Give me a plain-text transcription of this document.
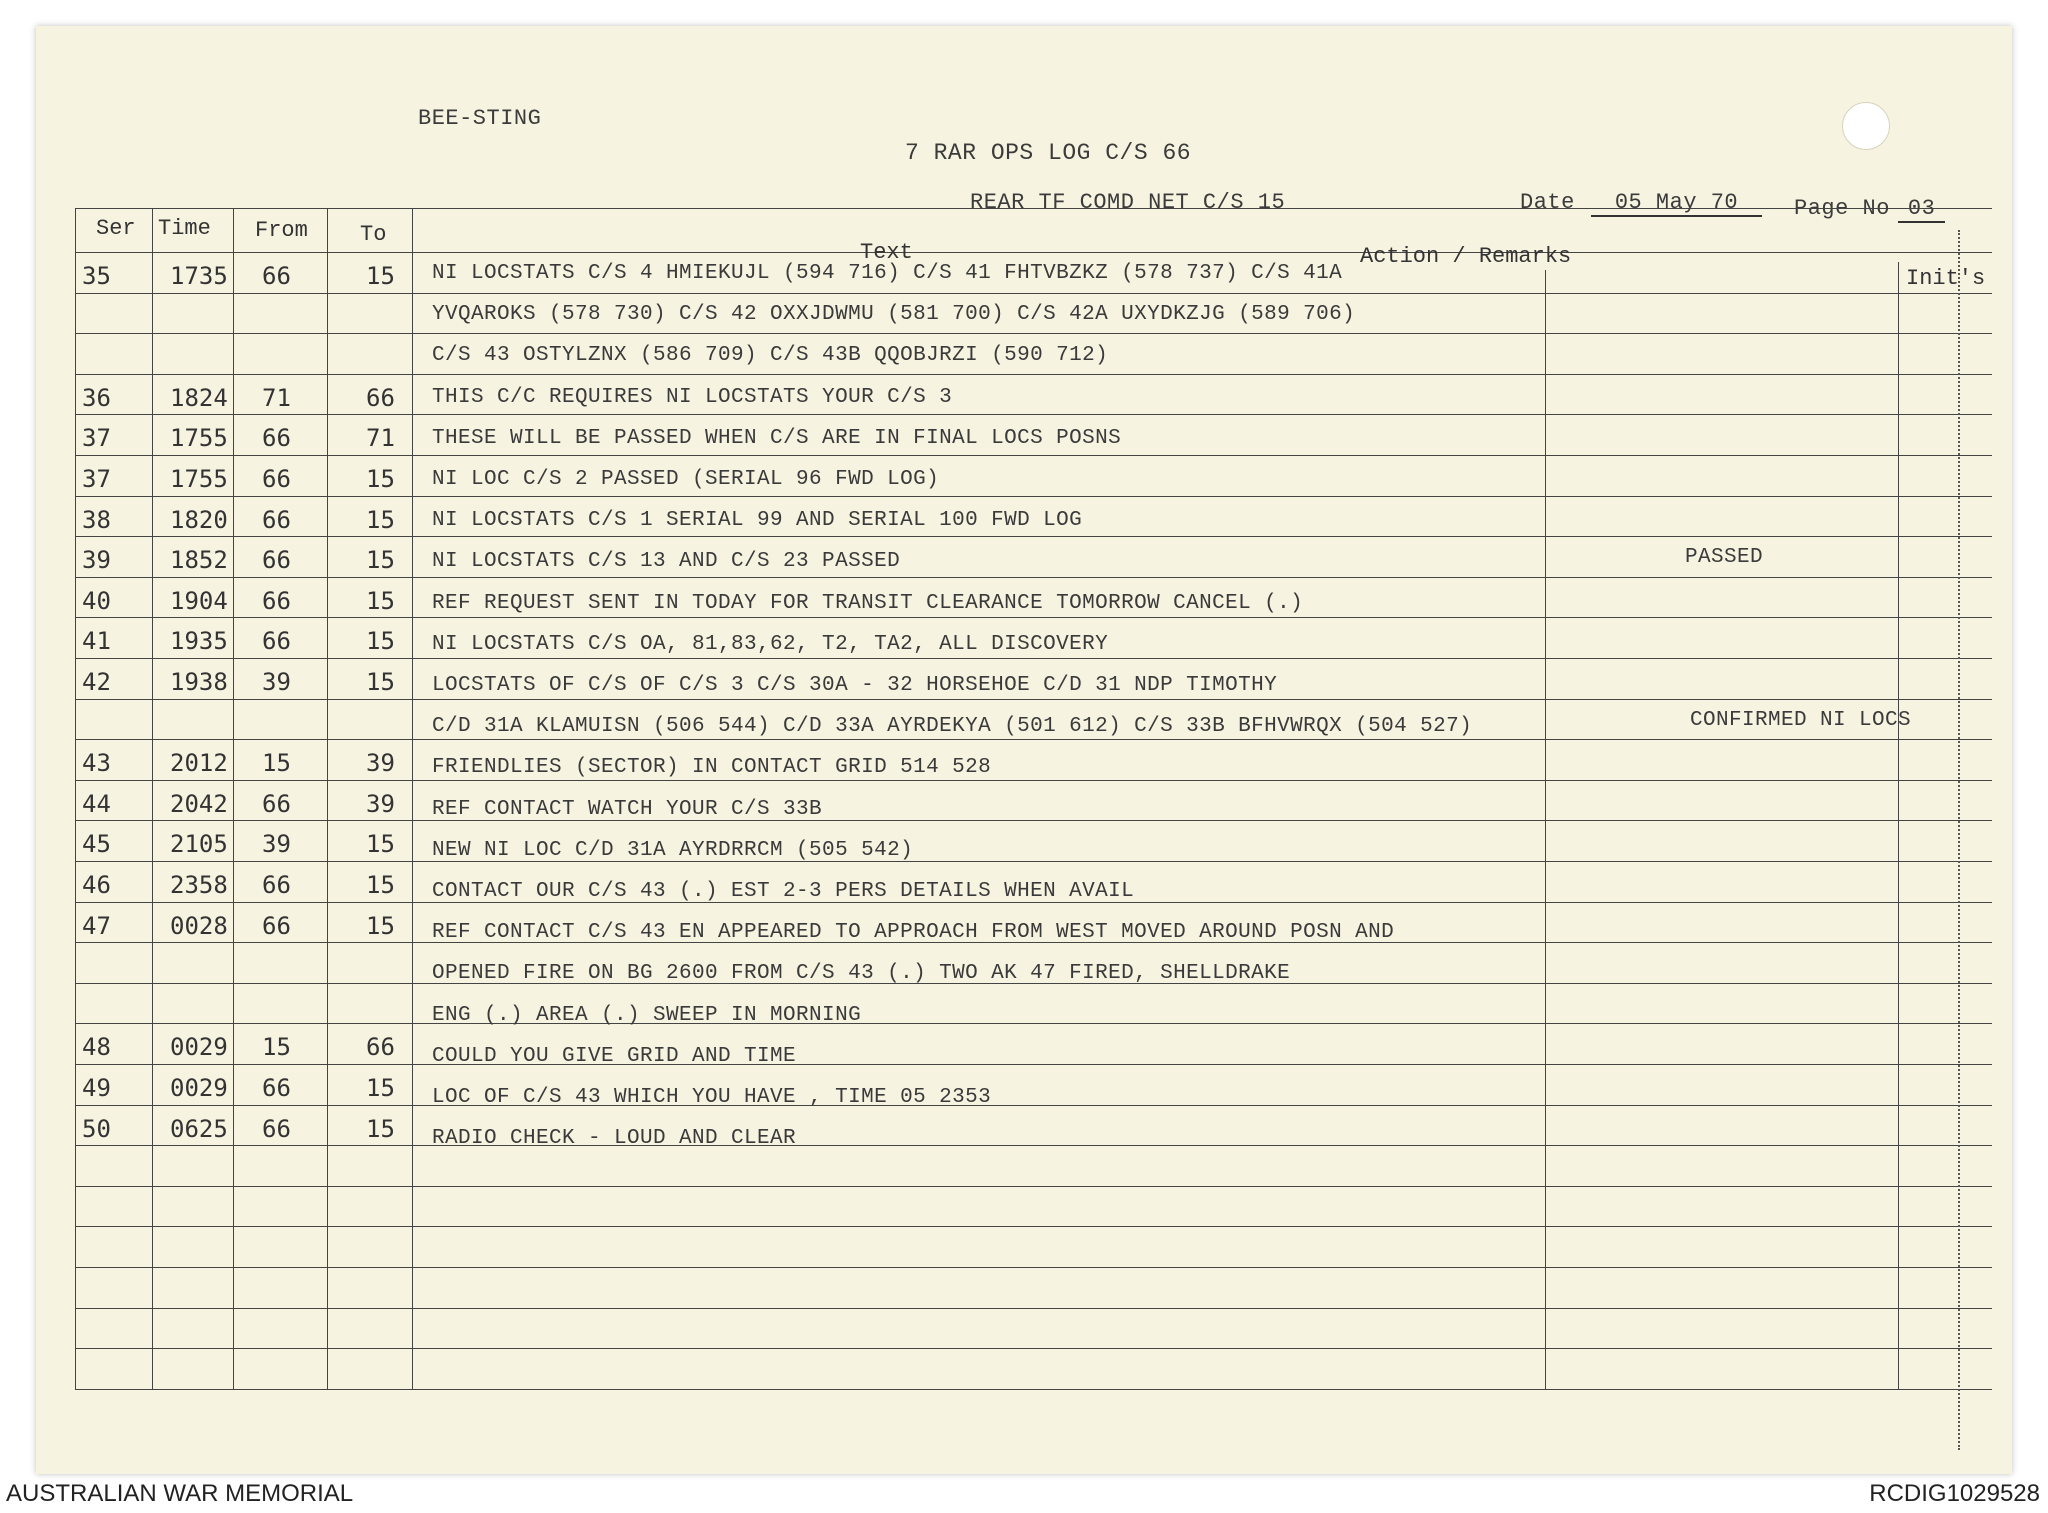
BEE-STING
7 RAR OPS LOG C/S 66
REAR TF COMD NET C/S 15	Date 05 May 70	Page No 03
Ser Time From To
Text	Action / Remarks
Init's
35 1735 66	15 NI LOCSTATS C/S 4 HMIEKUJL (594 716) C/S 41 FHTVBZKZ (578 737) C/S 41A
YVQAROKS (578 730) C/S 42 OXXJDWMU (581 700) C/S 42A UXYDKZJG (589 706)
C/S 43 OSTYLZNX (586 709) C/S 43B QQOBJRZI (590 712)
36 1824 71	66 THIS C/C REQUIRES NI LOCSTATS YOUR C/S 3
37 1755 66	71 THESE WILL BE PASSED WHEN C/S ARE IN FINAL LOCS POSNS
37 1755 66	15 NI LOC C/S 2 PASSED (SERIAL 96 FWD LOG)
38 1820 66	15 NI LOCSTATS C/S 1 SERIAL 99 AND SERIAL 100 FWD LOG
39 1852 66	15 NI LOCSTATS C/S 13 AND C/S 23 PASSED	PASSED
40 1904 66	15 REF REQUEST SENT IN TODAY FOR TRANSIT CLEARANCE TOMORROW CANCEL (.)
41 1935 66	15 NI LOCSTATS C/S OA, 81,83,62, T2, TA2, ALL DISCOVERY
42 1938 39	15 LOCSTATS OF C/S OF C/S 3 C/S 30A - 32 HORSEHOE C/D 31 NDP TIMOTHY
C/D 31A KLAMUISN (506 544) C/D 33A AYRDEKYA (501 612) C/S 33B BFHVWRQX (504 527)	CONFIRMED NI LOCS
43 2012 15	39 FRIENDLIES (SECTOR) IN CONTACT GRID 514 528
44 2042 66	39 REF CONTACT WATCH YOUR C/S 33B
45 2105 39	15 NEW NI LOC C/D 31A AYRDRRCM (505 542)
46 2358 66	15 CONTACT OUR C/S 43 (.) EST 2-3 PERS DETAILS WHEN AVAIL
47 0028 66	15 REF CONTACT C/S 43 EN APPEARED TO APPROACH FROM WEST MOVED AROUND POSN AND
OPENED FIRE ON BG 2600 FROM C/S 43 (.) TWO AK 47 FIRED, SHELLDRAKE
ENG (.) AREA (.) SWEEP IN MORNING
48 0029 15	66 COULD YOU GIVE GRID AND TIME
49 0029 66	15 LOC OF C/S 43 WHICH YOU HAVE , TIME 05 2353
50 0625 66	15 RADIO CHECK - LOUD AND CLEAR
AUSTRALIAN WAR MEMORIAL	RCDIG1029528
